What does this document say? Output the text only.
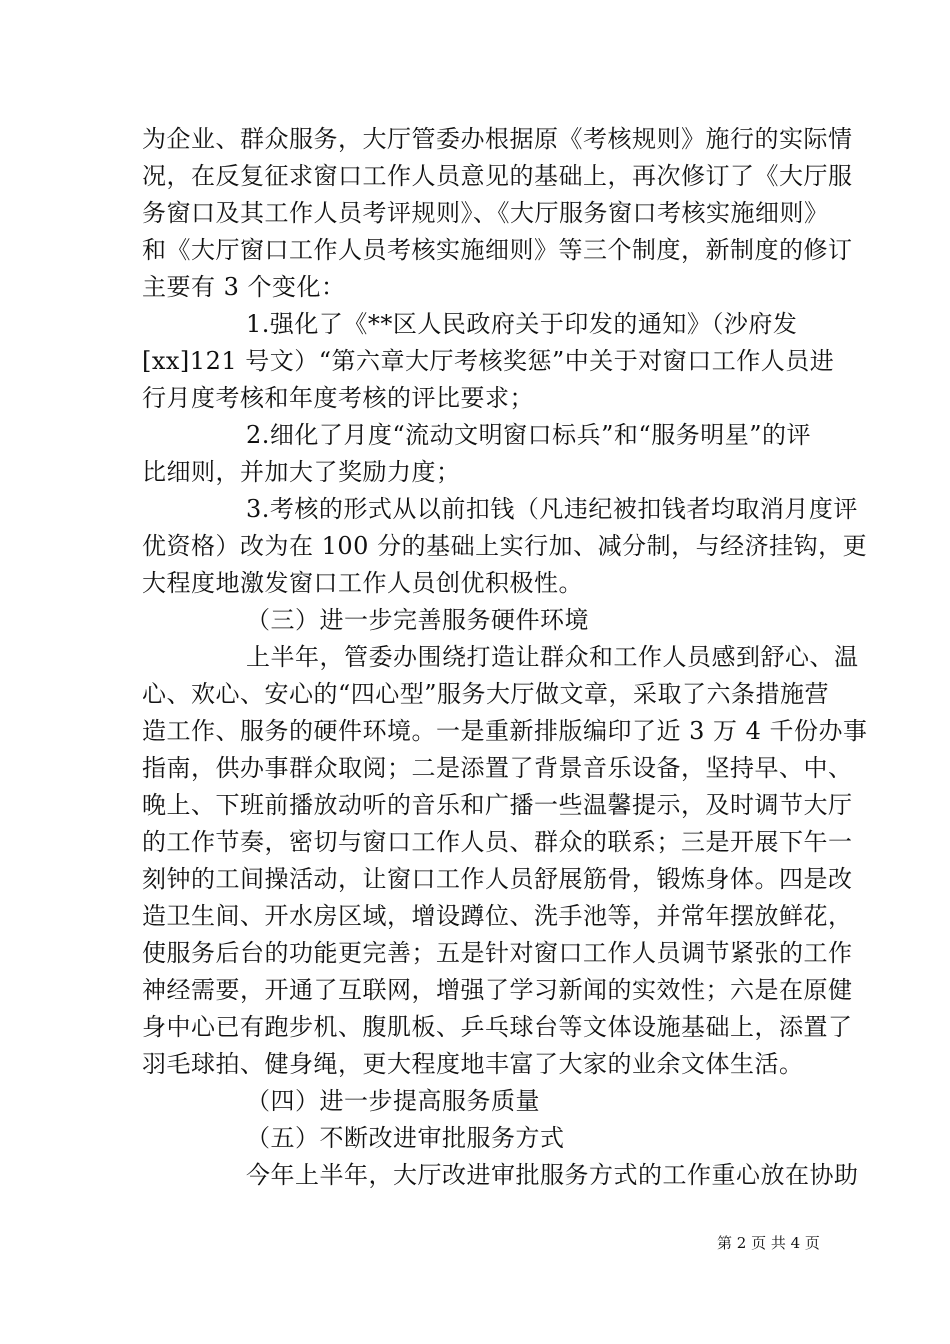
为企业、群众服务，大厅管委办根据原《考核规则》施行的实际情
况，在反复征求窗口工作人员意见的基础上，再次修订了《大厅服
务窗口及其工作人员考评规则》、《大厅服务窗口考核实施细则》
和《大厅窗口工作人员考核实施细则》等三个制度，新制度的修订
主要有 3 个变化：
1.强化了《**区人民政府关于印发的通知》（沙府发
[xx]121 号文）“第六章大厅考核奖惩”中关于对窗口工作人员进
行月度考核和年度考核的评比要求；
2.细化了月度“流动文明窗口标兵”和“服务明星”的评
比细则，并加大了奖励力度；
3.考核的形式从以前扣钱（凡违纪被扣钱者均取消月度评
优资格）改为在 100 分的基础上实行加、减分制，与经济挂钩，更
大程度地激发窗口工作人员创优积极性。
（三）进一步完善服务硬件环境
上半年，管委办围绕打造让群众和工作人员感到舒心、温
心、欢心、安心的“四心型”服务大厅做文章，采取了六条措施营
造工作、服务的硬件环境。一是重新排版编印了近 3 万 4 千份办事
指南，供办事群众取阅；二是添置了背景音乐设备，坚持早、中、
晚上、下班前播放动听的音乐和广播一些温馨提示，及时调节大厅
的工作节奏，密切与窗口工作人员、群众的联系；三是开展下午一
刻钟的工间操活动，让窗口工作人员舒展筋骨，锻炼身体。四是改
造卫生间、开水房区域，增设蹲位、洗手池等，并常年摆放鲜花，
使服务后台的功能更完善；五是针对窗口工作人员调节紧张的工作
神经需要，开通了互联网，增强了学习新闻的实效性；六是在原健
身中心已有跑步机、腹肌板、乒乓球台等文体设施基础上，添置了
羽毛球拍、健身绳，更大程度地丰富了大家的业余文体生活。
（四）进一步提高服务质量
（五）不断改进审批服务方式
今年上半年，大厅改进审批服务方式的工作重心放在协助
第 2 页 共 4 页
